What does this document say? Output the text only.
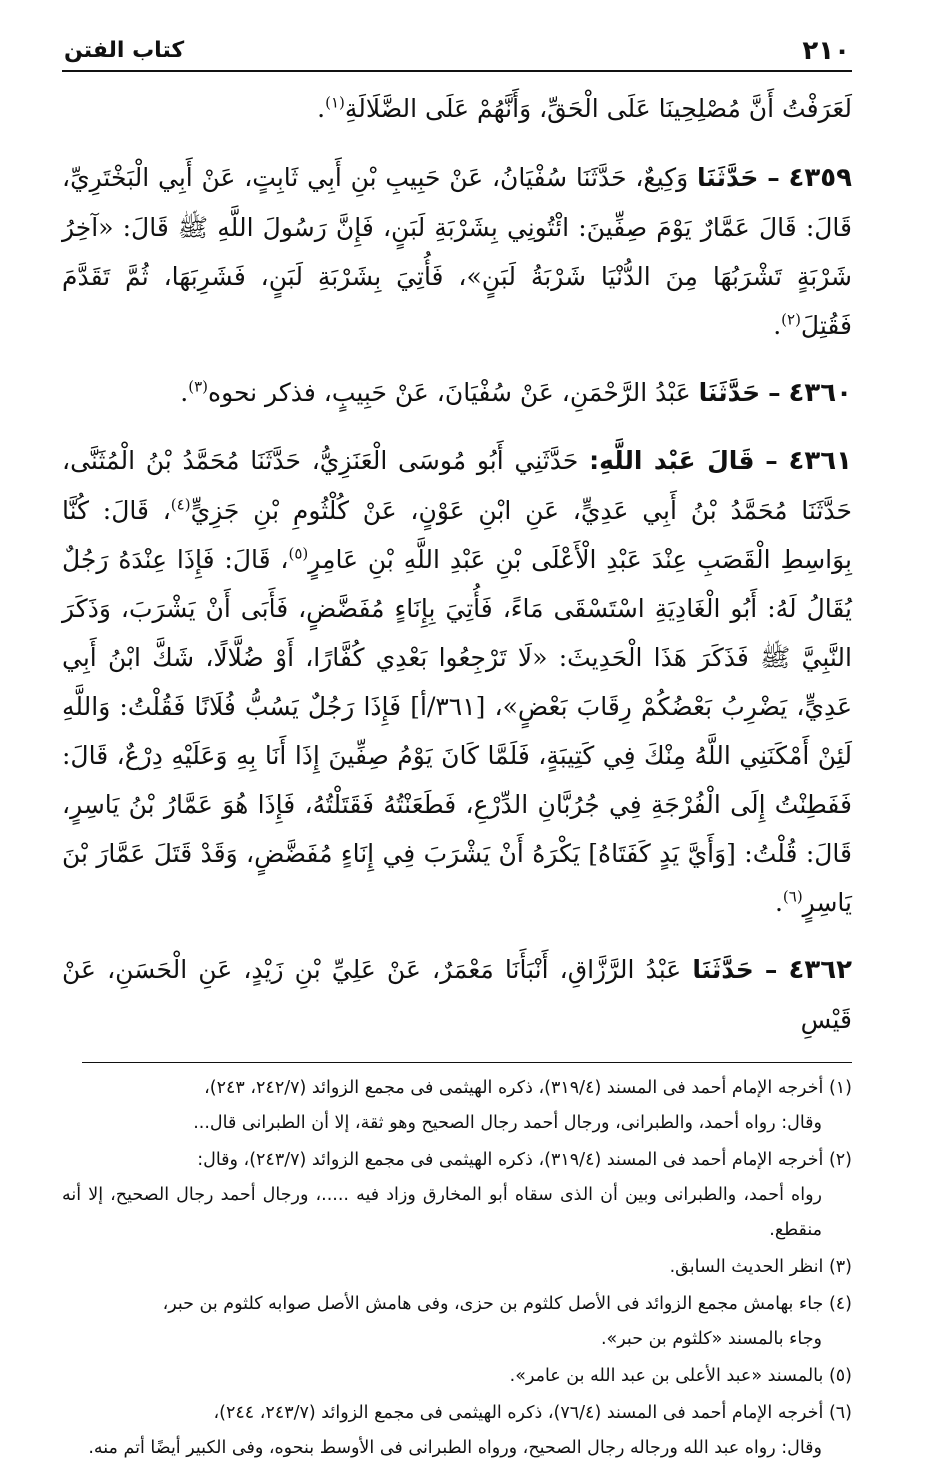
٢١٠
كتاب الفتن

لَعَرَفْتُ أَنَّ مُصْلِحِينَا عَلَى الْحَقِّ، وَأَنَّهُمْ عَلَى الضَّلَالَةِ$^{(١)}$.

٤٣٥٩ – حَدَّثَنَا وَكِيعٌ، حَدَّثَنَا سُفْيَانُ، عَنْ حَبِيبِ بْنِ أَبِي ثَابِتٍ، عَنْ أَبِي الْبَخْتَرِيِّ، قَالَ: قَالَ عَمَّارٌ يَوْمَ صِفِّينَ: ائْتُونِي بِشَرْبَةِ لَبَنٍ، فَإِنَّ رَسُولَ اللَّهِ ﷺ قَالَ: «آخِرُ شَرْبَةٍ تَشْرَبُهَا مِنَ الدُّنْيَا شَرْبَةُ لَبَنٍ»، فَأُتِيَ بِشَرْبَةِ لَبَنٍ، فَشَرِبَهَا، ثُمَّ تَقَدَّمَ فَقُتِلَ$^{(٢)}$.

٤٣٦٠ – حَدَّثَنَا عَبْدُ الرَّحْمَنِ، عَنْ سُفْيَانَ، عَنْ حَبِيبٍ، فذكر نحوه$^{(٣)}$.

٤٣٦١ – قَالَ عَبْد اللَّهِ: حَدَّثَنِي أَبُو مُوسَى الْعَنَزِيُّ، حَدَّثَنَا مُحَمَّدُ بْنُ الْمُثَنَّى، حَدَّثَنَا مُحَمَّدُ بْنُ أَبِي عَدِيٍّ، عَنِ ابْنِ عَوْنٍ، عَنْ كُلْثُومِ بْنِ جَزِيٍّ$^{(٤)}$، قَالَ: كُنَّا بِوَاسِطِ الْقَصَبِ عِنْدَ عَبْدِ الْأَعْلَى بْنِ عَبْدِ اللَّهِ بْنِ عَامِرٍ$^{(٥)}$، قَالَ: فَإِذَا عِنْدَهُ رَجُلٌ يُقَالُ لَهُ: أَبُو الْغَادِيَةِ اسْتَسْقَى مَاءً، فَأُتِيَ بِإِنَاءٍ مُفَضَّضٍ، فَأَبَى أَنْ يَشْرَبَ، وَذَكَرَ النَّبِيَّ ﷺ فَذَكَرَ هَذَا الْحَدِيثَ: «لَا تَرْجِعُوا بَعْدِي كُفَّارًا، أَوْ ضُلَّالًا، شَكَّ ابْنُ أَبِي عَدِيٍّ، يَضْرِبُ بَعْضُكُمْ رِقَابَ بَعْضٍ»، [٣٦١/أ] فَإِذَا رَجُلٌ يَسُبُّ فُلَانًا فَقُلْتُ: وَاللَّهِ لَئِنْ أَمْكَنَنِي اللَّهُ مِنْكَ فِي كَتِيبَةٍ، فَلَمَّا كَانَ يَوْمُ صِفِّينَ إِذَا أَنَا بِهِ وَعَلَيْهِ دِرْعٌ، قَالَ: فَفَطِنْتُ إِلَى الْفُرْجَةِ فِي جُرُبَّانِ الدِّرْعِ، فَطَعَنْتُهُ فَقَتَلْتُهُ، فَإِذَا هُوَ عَمَّارُ بْنُ يَاسِرٍ، قَالَ: قُلْتُ: [وَأَيَّ يَدٍ كَفَتَاهُ] يَكْرَهُ أَنْ يَشْرَبَ فِي إِنَاءٍ مُفَضَّضٍ، وَقَدْ قَتَلَ عَمَّارَ بْنَ يَاسِرٍ$^{(٦)}$.

٤٣٦٢ – حَدَّثَنَا عَبْدُ الرَّزَّاقِ، أَنْبَأَنَا مَعْمَرٌ، عَنْ عَلِيِّ بْنِ زَيْدٍ، عَنِ الْحَسَنِ، عَنْ قَيْسِ

(١) أخرجه الإمام أحمد فى المسند (٣١٩/٤)، ذكره الهيثمى فى مجمع الزوائد (٢٤٢/٧، ٢٤٣)،
وقال: رواه أحمد، والطبرانى، ورجال أحمد رجال الصحيح وهو ثقة، إلا أن الطبرانى قال...

(٢) أخرجه الإمام أحمد فى المسند (٣١٩/٤)، ذكره الهيثمى فى مجمع الزوائد (٢٤٣/٧)، وقال:
رواه أحمد، والطبرانى وبين أن الذى سقاه أبو المخارق وزاد فيه .....، ورجال أحمد رجال الصحيح، إلا أنه منقطع.

(٣) انظر الحديث السابق.

(٤) جاء بهامش مجمع الزوائد فى الأصل كلثوم بن حزى، وفى هامش الأصل صوابه كلثوم بن حبر،
وجاء بالمسند «كلثوم بن حبر».

(٥) بالمسند «عبد الأعلى بن عبد الله بن عامر».

(٦) أخرجه الإمام أحمد فى المسند (٧٦/٤)، ذكره الهيثمى فى مجمع الزوائد (٢٤٣/٧، ٢٤٤)،
وقال: رواه عبد الله ورجاله رجال الصحيح، ورواه الطبرانى فى الأوسط بنحوه، وفى الكبير أيضًا أتم منه.
